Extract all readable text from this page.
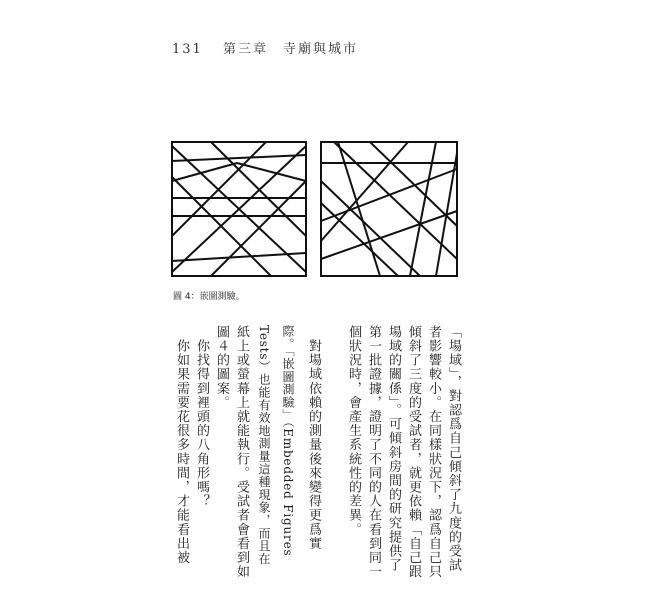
131 第三章　寺廟與城市
圖 4：嵌圖測驗。
「場域」，對認爲自己傾斜了九度的受試
者影響較小。在同樣狀況下，認爲自己只
傾斜了三度的受試者，就更依賴「自己跟
場域的關係」。可傾斜房間的研究提供了
第一批證據，證明了不同的人在看到同一
個狀況時，會產生系統性的差異。
　對場域依賴的測量後來變得更爲實
際。「嵌圖測驗」（Embedded Figures
Tests）也能有效地測量這種現象，而且在
紙上或螢幕上就能執行。受試者會看到如
圖４的圖案。
　你找得到裡頭的八角形嗎？
　你如果需要花很多時間，才能看出被
